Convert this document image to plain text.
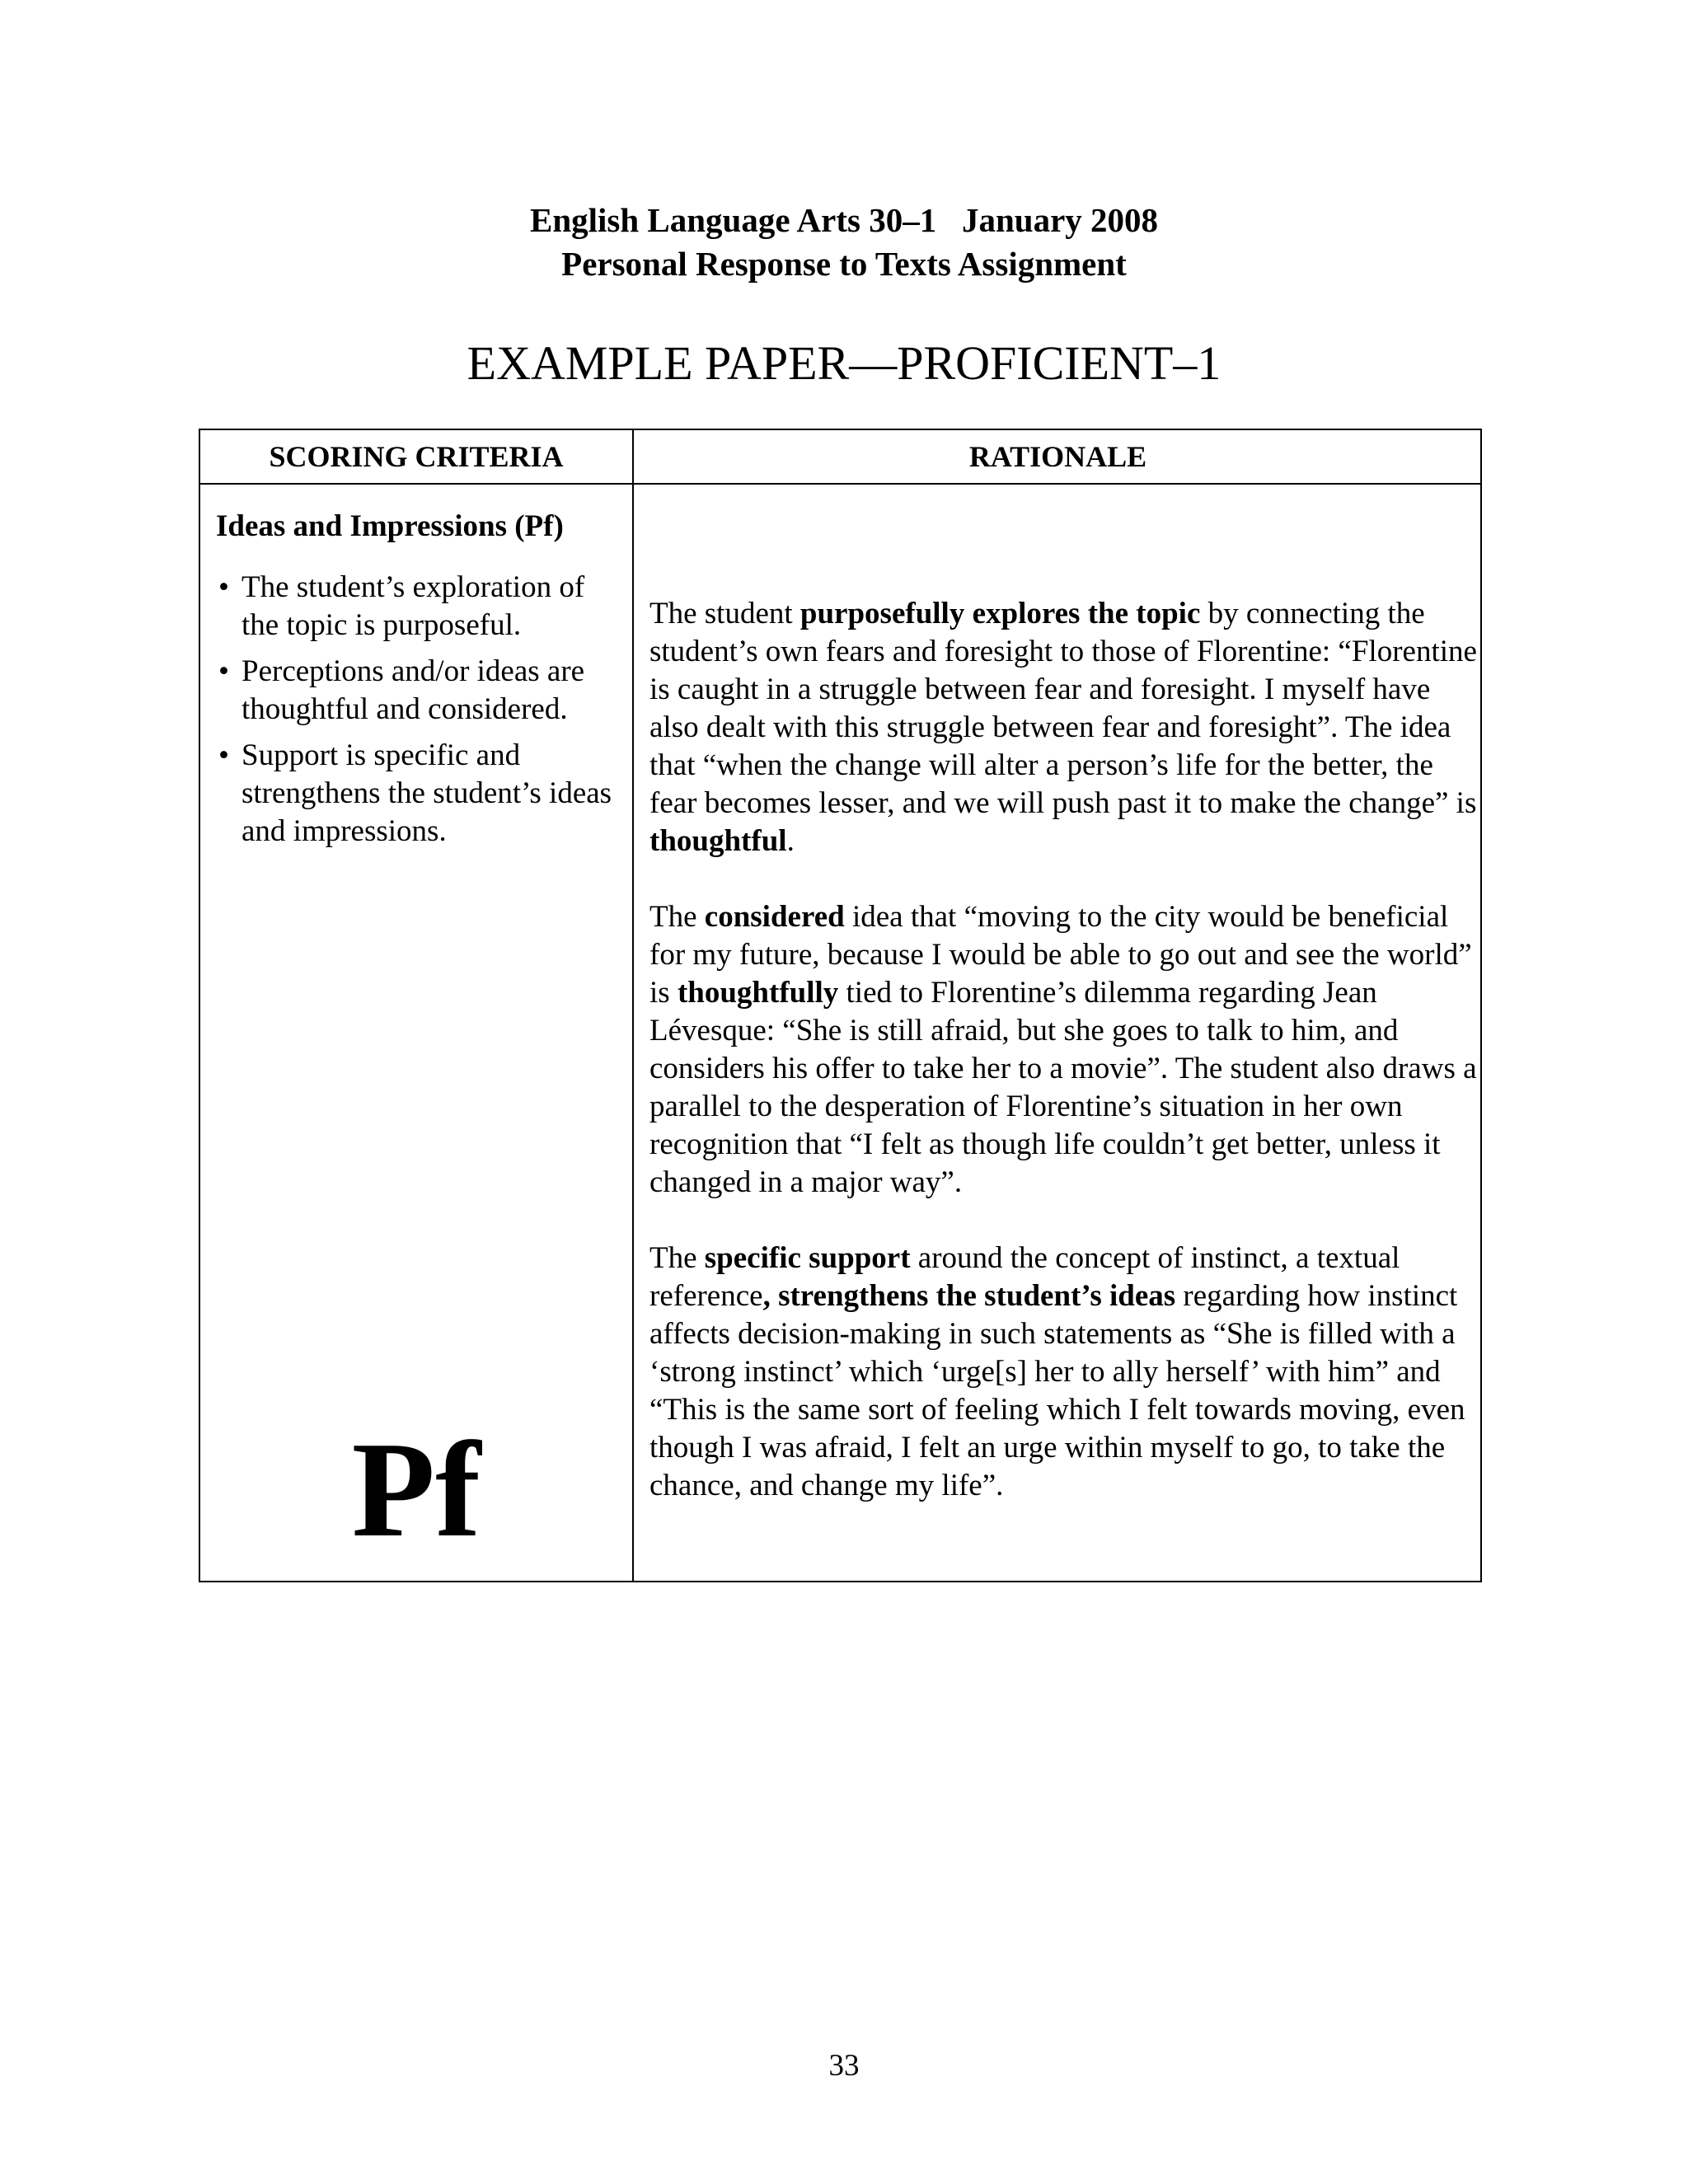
English Language Arts 30–1   January 2008
Personal Response to Texts Assignment
EXAMPLE PAPER—PROFICIENT–1
SCORING CRITERIA	RATIONALE
Ideas and Impressions (Pf)
• The student’s exploration of the topic is purposeful.
• Perceptions and/or ideas are thoughtful and considered.
• Support is specific and strengthens the student’s ideas and impressions.
Pf

The student purposefully explores the topic by connecting the student’s own fears and foresight to those of Florentine: “Florentine is caught in a struggle between fear and foresight. I myself have also dealt with this struggle between fear and foresight”. The idea that “when the change will alter a person’s life for the better, the fear becomes lesser, and we will push past it to make the change” is thoughtful.

The considered idea that “moving to the city would be beneficial for my future, because I would be able to go out and see the world” is thoughtfully tied to Florentine’s dilemma regarding Jean Lévesque: “She is still afraid, but she goes to talk to him, and considers his offer to take her to a movie”. The student also draws a parallel to the desperation of Florentine’s situation in her own recognition that “I felt as though life couldn’t get better, unless it changed in a major way”.

The specific support around the concept of instinct, a textual reference, strengthens the student’s ideas regarding how instinct affects decision-making in such statements as “She is filled with a ‘strong instinct’ which ‘urge[s] her to ally herself’ with him” and “This is the same sort of feeling which I felt towards moving, even though I was afraid, I felt an urge within myself to go, to take the chance, and change my life”.

33
